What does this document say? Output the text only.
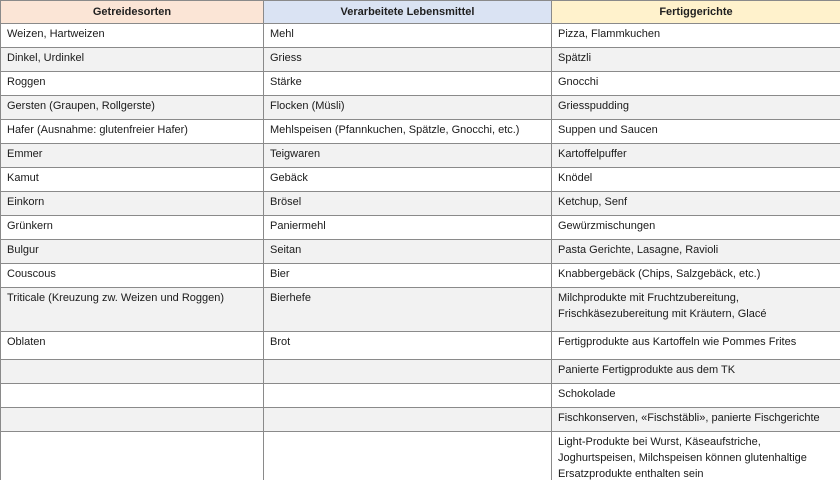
Getreidesorten	Verarbeitete Lebensmittel	Fertiggerichte
Weizen, Hartweizen	Mehl	Pizza, Flammkuchen
Dinkel, Urdinkel	Griess	Spätzli
Roggen	Stärke	Gnocchi
Gersten (Graupen, Rollgerste)	Flocken (Müsli)	Griesspudding
Hafer (Ausnahme: glutenfreier Hafer)	Mehlspeisen (Pfannkuchen, Spätzle, Gnocchi, etc.)	Suppen und Saucen
Emmer	Teigwaren	Kartoffelpuffer
Kamut	Gebäck	Knödel
Einkorn	Brösel	Ketchup, Senf
Grünkern	Paniermehl	Gewürzmischungen
Bulgur	Seitan	Pasta Gerichte, Lasagne, Ravioli
Couscous	Bier	Knabbergebäck (Chips, Salzgebäck, etc.)
Triticale (Kreuzung zw. Weizen und Roggen)	Bierhefe	Milchprodukte mit Fruchtzubereitung, Frischkäsezubereitung mit Kräutern, Glacé
Oblaten	Brot	Fertigprodukte aus Kartoffeln wie Pommes Frites
		Panierte Fertigprodukte aus dem TK
		Schokolade
		Fischkonserven, «Fischstäbli», panierte Fischgerichte
		Light-Produkte bei Wurst, Käseaufstriche, Joghurtspeisen, Milchspeisen können glutenhaltige Ersatzprodukte enthalten sein
